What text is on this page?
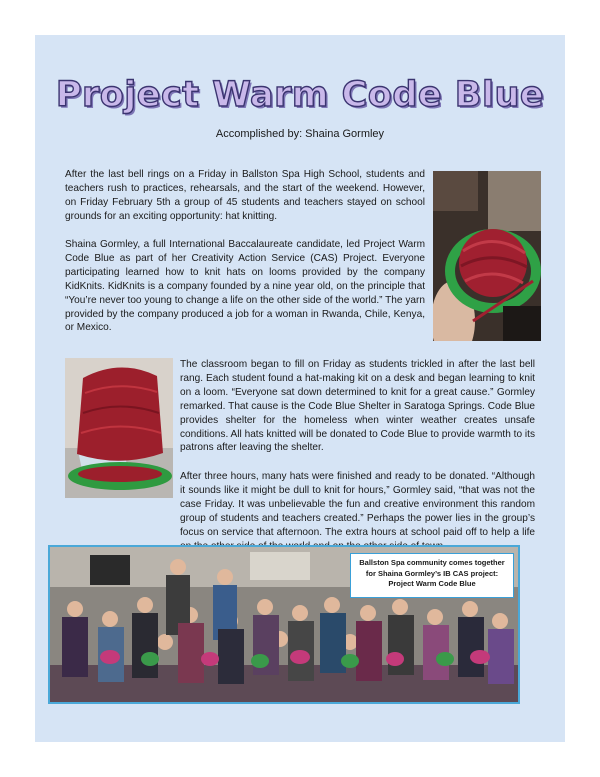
Project Warm Code Blue
Accomplished by: Shaina Gormley

After the last bell rings on a Friday in Ballston Spa High School, students and teachers rush to practices, rehearsals, and the start of the weekend. However, on Friday February 5th a group of 45 students and teachers stayed on school grounds for an exciting opportunity: hat knitting.

Shaina Gormley, a full International Baccalaureate candidate, led Project Warm Code Blue as part of her Creativity Action Service (CAS) Project. Everyone participating learned how to knit hats on looms provided by the company KidKnits. KidKnits is a company founded by a nine year old, on the principle that “You’re never too young to change a life on the other side of the world.” The yarn provided by the company produced a job for a woman in Rwanda, Chile, Kenya, or Mexico.

The classroom began to fill on Friday as students trickled in after the last bell rang. Each student found a hat-making kit on a desk and began learning to knit on a loom. “Everyone sat down determined to knit for a great cause.” Gormley remarked. That cause is the Code Blue Shelter in Saratoga Springs. Code Blue provides shelter for the homeless when winter weather creates unsafe conditions. All hats knitted will be donated to Code Blue to provide warmth to its patrons after leaving the shelter.

After three hours, many hats were finished and ready to be donated. “Although it sounds like it might be dull to knit for hours,” Gormley said, “that was not the case Friday. It was unbelievable the fun and creative environment this random group of students and teachers created.” Perhaps the power lies in the group’s focus on service that afternoon. The extra hours at school paid off to help a life

Ballston Spa community comes together
for Shaina Gormley’s IB CAS project:
Project Warm Code Blue
